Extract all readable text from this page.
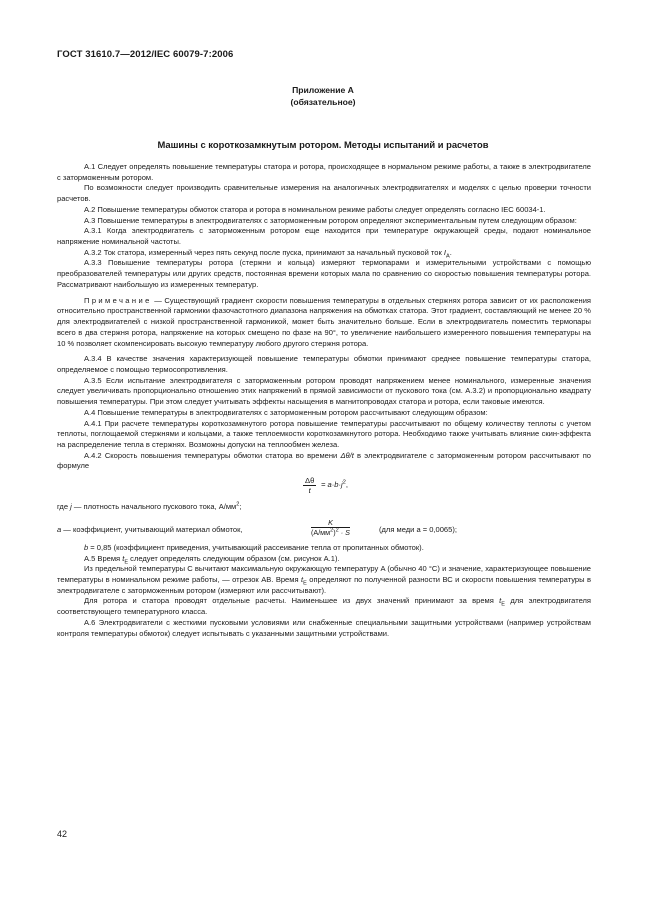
ГОСТ 31610.7—2012/IEC 60079-7:2006
Приложение А
(обязательное)
Машины с короткозамкнутым ротором. Методы испытаний и расчетов

А.1 Следует определять повышение температуры статора и ротора, происходящее в нормальном режиме работы, а также в электродвигателе с заторможенным ротором.

По возможности следует производить сравнительные измерения на аналогичных электродвигателях и моделях с целью проверки точности расчетов.

А.2 Повышение температуры обмоток статора и ротора в номинальном режиме работы следует определять согласно IEC 60034-1.

А.3 Повышение температуры в электродвигателях с заторможенным ротором определяют экспериментальным путем следующим образом:

А.3.1 Когда электродвигатель с заторможенным ротором еще находится при температуре окружающей среды, подают номинальное напряжение номинальной частоты.

А.3.2 Ток статора, измеренный через пять секунд после пуска, принимают за начальный пусковой ток $I_A$.

А.3.3 Повышение температуры ротора (стержни и кольца) измеряют термопарами и измерительными устройствами с помощью преобразователей температуры или других средств, постоянная времени которых мала по сравнению со скоростью повышения температуры ротора. Рассматривают наибольшую из измеренных температур.

Примечание — Существующий градиент скорости повышения температуры в отдельных стержнях ротора зависит от их расположения относительно пространственной гармоники фазочастотного диапазона напряжения на обмотках статора. Этот градиент, составляющий не менее 20 % для электродвигателей с низкой пространственной гармоникой, может быть значительно больше. Если в электродвигатель поместить термопары всего в два стержня ротора, напряжение на которых смещено по фазе на 90°, то увеличение наибольшего измеренного повышения температуры на 10 % позволяет скомпенсировать высокую температуру любого другого стержня ротора.

А.3.4 В качестве значения характеризующей повышение температуры обмотки принимают среднее повышение температуры статора, определяемое с помощью термосопротивления.

А.3.5 Если испытание электродвигателя с заторможенным ротором проводят напряжением менее номинального, измеренные значения следует увеличивать пропорционально отношению этих напряжений в прямой зависимости от пускового тока (см. А.3.2) и пропорционально квадрату повышения температуры. При этом следует учитывать эффекты насыщения в магнитопроводах статора и ротора, если таковые имеются.

А.4 Повышение температуры в электродвигателях с заторможенным ротором рассчитывают следующим образом:

А.4.1 При расчете температуры короткозамкнутого ротора повышение температуры рассчитывают по общему количеству теплоты с учетом теплоты, поглощаемой стержнями и кольцами, а также теплоемкости короткозамкнутого ротора. Необходимо также учитывать влияние скин-эффекта на распределение тепла в стержнях. Возможны допуски на теплообмен железа.

А.4.2 Скорость повышения температуры обмотки статора во времени Δθ/t в электродвигателе с заторможенным ротором рассчитывают по формуле

$\frac{\Delta\theta}{t} = a\cdot b\cdot j^2$,

где j — плотность начального пускового тока, $А/мм^2$;

a — коэффициент, учитывающий материал обмоток,
K
$(А/мм^2)^2 \cdot S$	(для меди a = 0,0065);

b = 0,85 (коэффициент приведения, учитывающий рассеивание тепла от пропитанных обмоток).

А.5 Время $t_E$ следует определять следующим образом (см. рисунок А.1).

Из предельной температуры C вычитают максимальную окружающую температуру A (обычно 40 °C) и значение, характеризующее повышение температуры в номинальном режиме работы, — отрезок АВ. Время $t_E$ определяют по полученной разности ВС и скорости повышения температуры в электродвигателе с заторможенным ротором (измеряют или рассчитывают).

Для ротора и статора проводят отдельные расчеты. Наименьшее из двух значений принимают за время $t_E$ для электродвигателя соответствующего температурного класса.

А.6 Электродвигатели с жесткими пусковыми условиями или снабженные специальными защитными устройствами (например устройствам контроля температуры обмоток) следует испытывать с указанными защитными устройствами.

42
